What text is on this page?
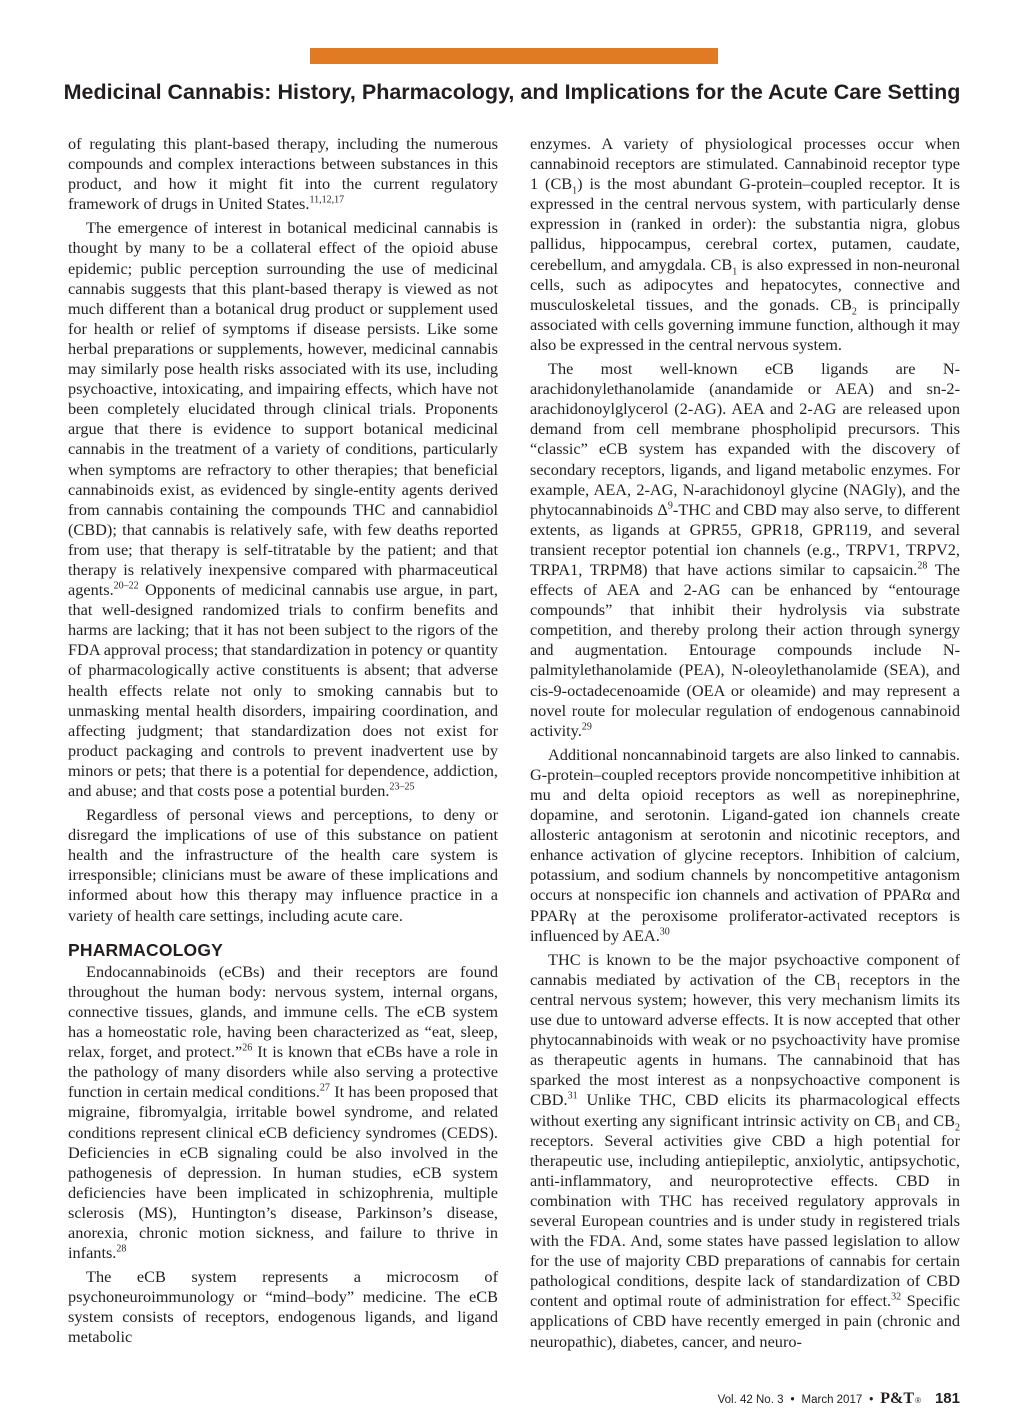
Medicinal Cannabis: History, Pharmacology, and Implications for the Acute Care Setting

of regulating this plant-based therapy, including the numerous compounds and complex interactions between substances in this product, and how it might fit into the current regulatory framework of drugs in United States.$^{11,12,17}$

The emergence of interest in botanical medicinal cannabis is thought by many to be a collateral effect of the opioid abuse epidemic; public perception surrounding the use of medicinal cannabis suggests that this plant-based therapy is viewed as not much different than a botanical drug product or supplement used for health or relief of symptoms if disease persists. Like some herbal preparations or supplements, however, medicinal cannabis may similarly pose health risks associated with its use, including psychoactive, intoxicating, and impairing effects, which have not been completely elucidated through clinical trials. Proponents argue that there is evidence to support botanical medicinal cannabis in the treatment of a variety of conditions, particularly when symptoms are refractory to other therapies; that beneficial cannabinoids exist, as evidenced by single-entity agents derived from cannabis containing the compounds THC and cannabidiol (CBD); that cannabis is relatively safe, with few deaths reported from use; that therapy is self-titratable by the patient; and that therapy is relatively inexpensive compared with pharmaceutical agents.$^{20-22}$ Opponents of medicinal cannabis use argue, in part, that well-designed randomized trials to confirm benefits and harms are lacking; that it has not been subject to the rigors of the FDA approval process; that standardization in potency or quantity of pharmacologically active constituents is absent; that adverse health effects relate not only to smoking cannabis but to unmasking mental health disorders, impairing coordination, and affecting judgment; that standardization does not exist for product packaging and controls to prevent inadvertent use by minors or pets; that there is a potential for dependence, addiction, and abuse; and that costs pose a potential burden.$^{23-25}$

Regardless of personal views and perceptions, to deny or disregard the implications of use of this substance on patient health and the infrastructure of the health care system is irresponsible; clinicians must be aware of these implications and informed about how this therapy may influence practice in a variety of health care settings, including acute care.

PHARMACOLOGY

Endocannabinoids (eCBs) and their receptors are found throughout the human body: nervous system, internal organs, connective tissues, glands, and immune cells. The eCB system has a homeostatic role, having been characterized as “eat, sleep, relax, forget, and protect.”$^{26}$ It is known that eCBs have a role in the pathology of many disorders while also serving a protective function in certain medical conditions.$^{27}$ It has been proposed that migraine, fibromyalgia, irritable bowel syndrome, and related conditions represent clinical eCB deficiency syndromes (CEDS). Deficiencies in eCB signaling could be also involved in the pathogenesis of depression. In human studies, eCB system deficiencies have been implicated in schizophrenia, multiple sclerosis (MS), Huntington’s disease, Parkinson’s disease, anorexia, chronic motion sickness, and failure to thrive in infants.$^{28}$

The eCB system represents a microcosm of psychoneuroimmunology or “mind–body” medicine. The eCB system consists of receptors, endogenous ligands, and ligand metabolic

enzymes. A variety of physiological processes occur when cannabinoid receptors are stimulated. Cannabinoid receptor type 1 $(CB_1)$ is the most abundant G-protein–coupled receptor. It is expressed in the central nervous system, with particularly dense expression in (ranked in order): the substantia nigra, globus pallidus, hippocampus, cerebral cortex, putamen, caudate, cerebellum, and amygdala. $CB_1$ is also expressed in non-neuronal cells, such as adipocytes and hepatocytes, connective and musculoskeletal tissues, and the gonads. $CB_2$ is principally associated with cells governing immune function, although it may also be expressed in the central nervous system.

The most well-known eCB ligands are N-arachidonylethanolamide (anandamide or AEA) and sn-2-arachidonoylglycerol (2-AG). AEA and 2-AG are released upon demand from cell membrane phospholipid precursors. This “classic” eCB system has expanded with the discovery of secondary receptors, ligands, and ligand metabolic enzymes. For example, AEA, 2-AG, N-arachidonoyl glycine (NAGly), and the phytocannabinoids $\Delta^9$-THC and CBD may also serve, to different extents, as ligands at GPR55, GPR18, GPR119, and several transient receptor potential ion channels (e.g., TRPV1, TRPV2, TRPA1, TRPM8) that have actions similar to capsaicin.$^{28}$ The effects of AEA and 2-AG can be enhanced by “entourage compounds” that inhibit their hydrolysis via substrate competition, and thereby prolong their action through synergy and augmentation. Entourage compounds include N-palmitylethanolamide (PEA), N-oleoylethanolamide (SEA), and cis-9-octadecenoamide (OEA or oleamide) and may represent a novel route for molecular regulation of endogenous cannabinoid activity.$^{29}$

Additional noncannabinoid targets are also linked to cannabis. G-protein–coupled receptors provide noncompetitive inhibition at mu and delta opioid receptors as well as norepinephrine, dopamine, and serotonin. Ligand-gated ion channels create allosteric antagonism at serotonin and nicotinic receptors, and enhance activation of glycine receptors. Inhibition of calcium, potassium, and sodium channels by noncompetitive antagonism occurs at nonspecific ion channels and activation of PPARα and PPARγ at the peroxisome proliferator-activated receptors is influenced by AEA.$^{30}$

THC is known to be the major psychoactive component of cannabis mediated by activation of the $CB_1$ receptors in the central nervous system; however, this very mechanism limits its use due to untoward adverse effects. It is now accepted that other phytocannabinoids with weak or no psychoactivity have promise as therapeutic agents in humans. The cannabinoid that has sparked the most interest as a nonpsychoactive component is CBD.$^{31}$ Unlike THC, CBD elicits its pharmacological effects without exerting any significant intrinsic activity on $CB_1$ and $CB_2$ receptors. Several activities give CBD a high potential for therapeutic use, including antiepileptic, anxiolytic, antipsychotic, anti-inflammatory, and neuroprotective effects. CBD in combination with THC has received regulatory approvals in several European countries and is under study in registered trials with the FDA. And, some states have passed legislation to allow for the use of majority CBD preparations of cannabis for certain pathological conditions, despite lack of standardization of CBD content and optimal route of administration for effect.$^{32}$ Specific applications of CBD have recently emerged in pain (chronic and neuropathic), diabetes, cancer, and neuro-

Vol. 42 No. 3 • March 2017 • P&T ® 181
